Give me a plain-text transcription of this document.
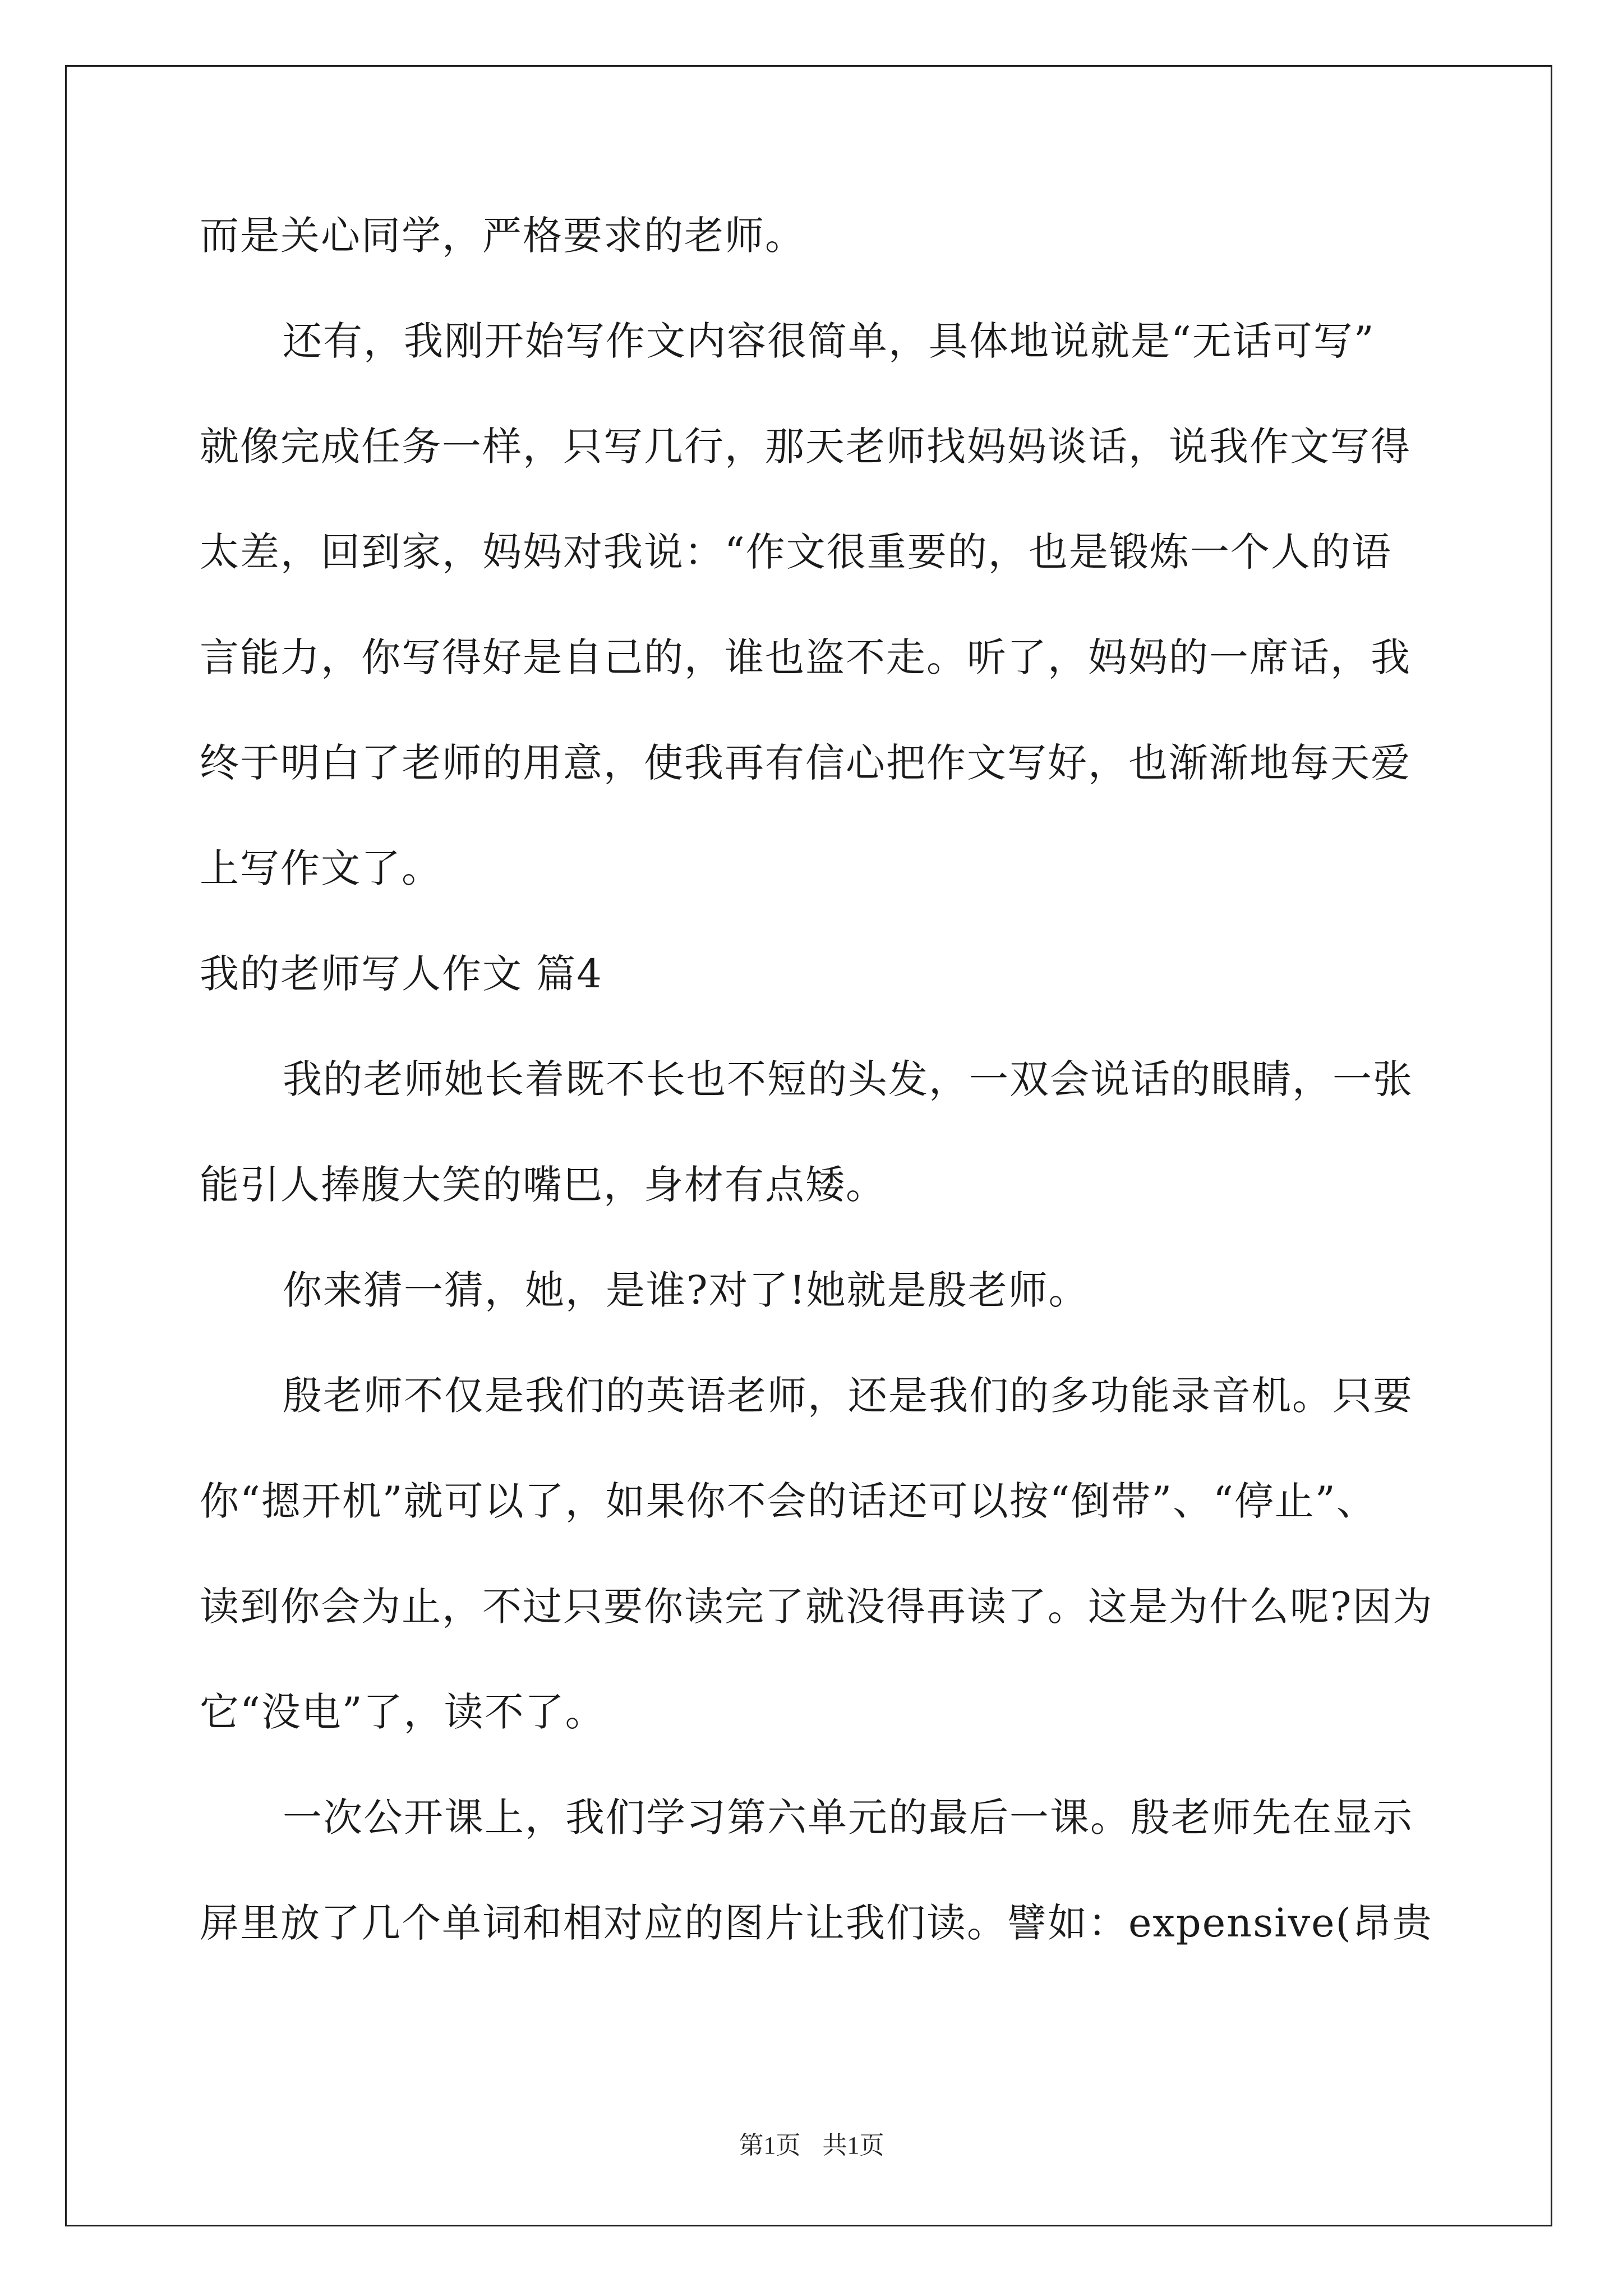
而是关心同学，严格要求的老师。
还有，我刚开始写作文内容很简单，具体地说就是“无话可写”
就像完成任务一样，只写几行，那天老师找妈妈谈话，说我作文写得
太差，回到家，妈妈对我说：“作文很重要的，也是锻炼一个人的语
言能力，你写得好是自己的，谁也盗不走。听了，妈妈的一席话，我
终于明白了老师的用意，使我再有信心把作文写好，也渐渐地每天爱
上写作文了。
我的老师写人作文 篇4
我的老师她长着既不长也不短的头发，一双会说话的眼睛，一张
能引人捧腹大笑的嘴巴，身材有点矮。
你来猜一猜，她，是谁?对了!她就是殷老师。
殷老师不仅是我们的英语老师，还是我们的多功能录音机。只要
你“摁开机”就可以了，如果你不会的话还可以按“倒带”、“停止”、
读到你会为止，不过只要你读完了就没得再读了。这是为什么呢?因为
它“没电”了，读不了。
一次公开课上，我们学习第六单元的最后一课。殷老师先在显示
屏里放了几个单词和相对应的图片让我们读。譬如：expensive(昂贵
第1页 共1页
